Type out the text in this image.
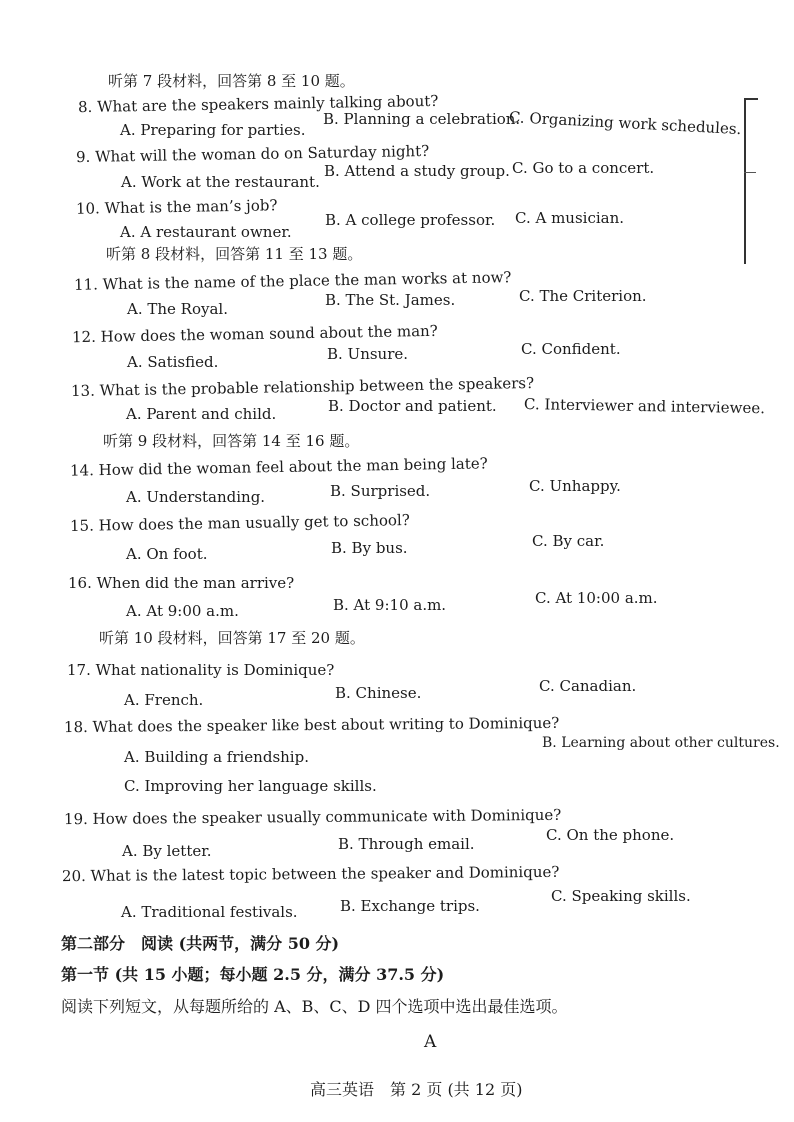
听第 7 段材料，回答第 8 至 10 题。
8. What are the speakers mainly talking about?
A. Preparing for parties.
B. Planning a celebration.
C. Organizing work schedules.
9. What will the woman do on Saturday night?
A. Work at the restaurant.
B. Attend a study group. C. Go to a concert.
10. What is the man’s job?
A. A restaurant owner.
B. A college professor. C. A musician.
听第 8 段材料，回答第 11 至 13 题。
11. What is the name of the place the man works at now?
A. The Royal.	B. The St. James.	C. The Criterion.
12. How does the woman sound about the man?
A. Satisfied.	B. Unsure.	C. Confident.
13. What is the probable relationship between the speakers?
A. Parent and child.	B. Doctor and patient. C. Interviewer and interviewee.
听第 9 段材料，回答第 14 至 16 题。
14. How did the woman feel about the man being late?
A. Understanding.	B. Surprised.	C. Unhappy.
15. How does the man usually get to school?
A. On foot.	B. By bus.	C. By car.
16. When did the man arrive?
A. At 9:00 a.m.	B. At 9:10 a.m.	C. At 10:00 a.m.
听第 10 段材料，回答第 17 至 20 题。
17. What nationality is Dominique?
A. French.	B. Chinese.	C. Canadian.
18. What does the speaker like best about writing to Dominique?
A. Building a friendship.
B. Learning about other cultures.
C. Improving her language skills.
19. How does the speaker usually communicate with Dominique?
A. By letter.	B. Through email.	C. On the phone.
20. What is the latest topic between the speaker and Dominique?
A. Traditional festivals.	B. Exchange trips.
C. Speaking skills.
第二部分　阅读 (共两节，满分 50 分)
第一节 (共 15 小题；每小题 2.5 分，满分 37.5 分)
阅读下列短文，从每题所给的 A、B、C、D 四个选项中选出最佳选项。
A
高三英语　第 2 页 (共 12 页)
